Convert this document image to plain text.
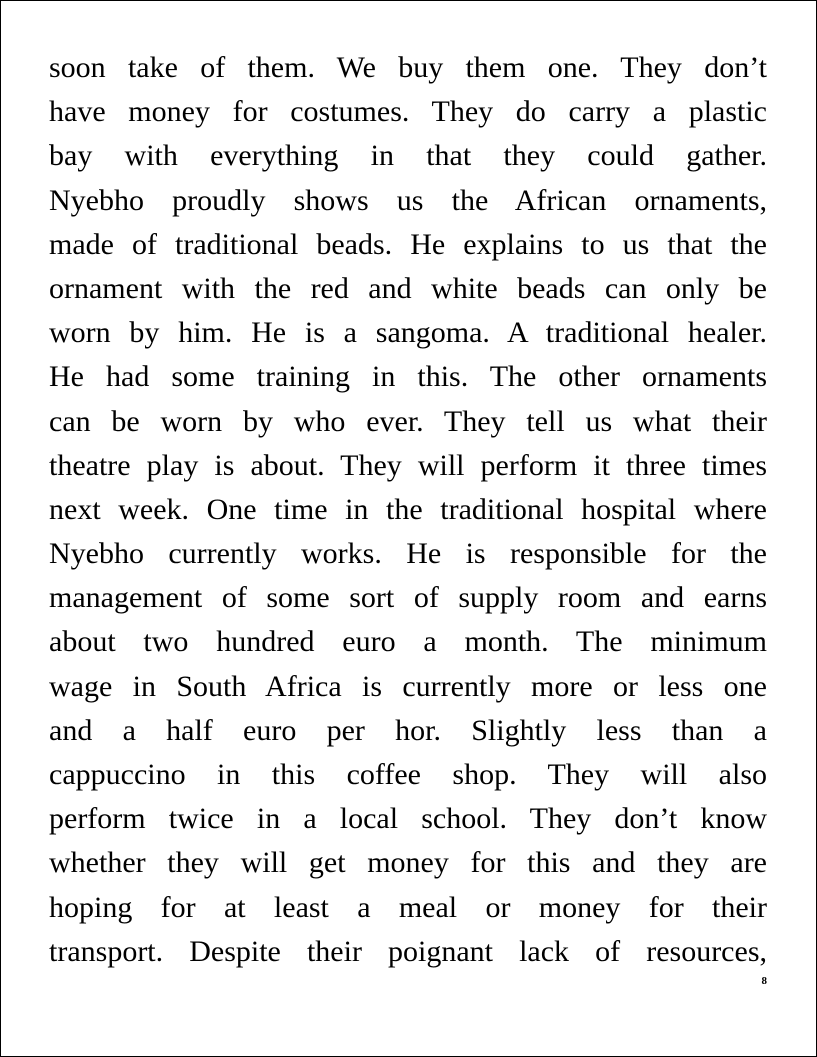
soon take of them. We buy them one. They don’t
have money for costumes. They do carry a plastic
bay with everything in that they could gather.
Nyebho proudly shows us the African ornaments,
made of traditional beads. He explains to us that the
ornament with the red and white beads can only be
worn by him. He is a sangoma. A traditional healer.
He had some training in this. The other ornaments
can be worn by who ever. They tell us what their
theatre play is about. They will perform it three times
next week. One time in the traditional hospital where
Nyebho currently works. He is responsible for the
management of some sort of supply room and earns
about two hundred euro a month. The minimum
wage in South Africa is currently more or less one
and a half euro per hor. Slightly less than a
cappuccino in this coffee shop. They will also
perform twice in a local school. They don’t know
whether they will get money for this and they are
hoping for at least a meal or money for their
transport. Despite their poignant lack of resources,
8
